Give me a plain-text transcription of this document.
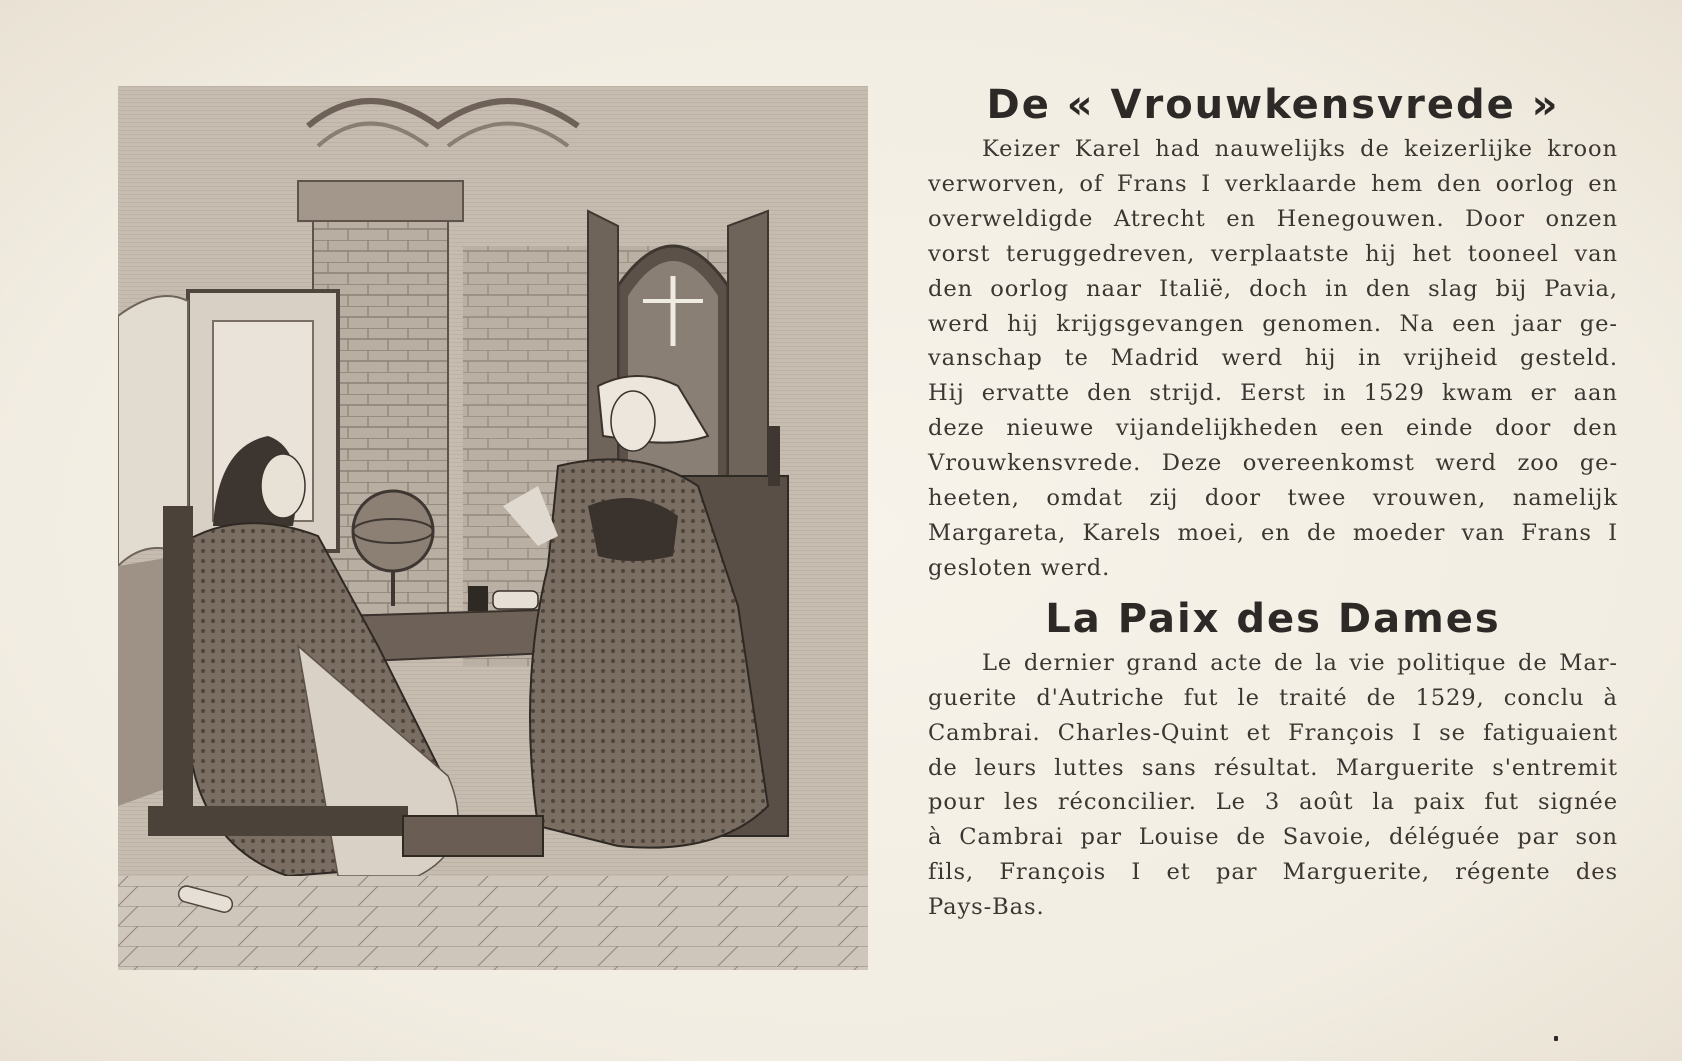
De « Vrouwkensvrede »
Keizer Karel had nauwelijks de keizerlijke kroon
verworven, of Frans I verklaarde hem den oorlog en
overweldigde Atrecht en Henegouwen. Door onzen
vorst teruggedreven, verplaatste hij het tooneel van
den oorlog naar Italië, doch in den slag bij Pavia,
werd hij krijgsgevangen genomen. Na een jaar ge-
vanschap te Madrid werd hij in vrijheid gesteld.
Hij ervatte den strijd. Eerst in 1529 kwam er aan
deze nieuwe vijandelijkheden een einde door den
Vrouwkensvrede. Deze overeenkomst werd zoo ge-
heeten, omdat zij door twee vrouwen, namelijk
Margareta, Karels moei, en de moeder van Frans I
gesloten werd.
La Paix des Dames
Le dernier grand acte de la vie politique de Mar-
guerite d'Autriche fut le traité de 1529, conclu à
Cambrai. Charles-Quint et François I se fatiguaient
de leurs luttes sans résultat. Marguerite s'entremit
pour les réconcilier. Le 3 août la paix fut signée
à Cambrai par Louise de Savoie, déléguée par son
fils, François I et par Marguerite, régente des
Pays-Bas.
